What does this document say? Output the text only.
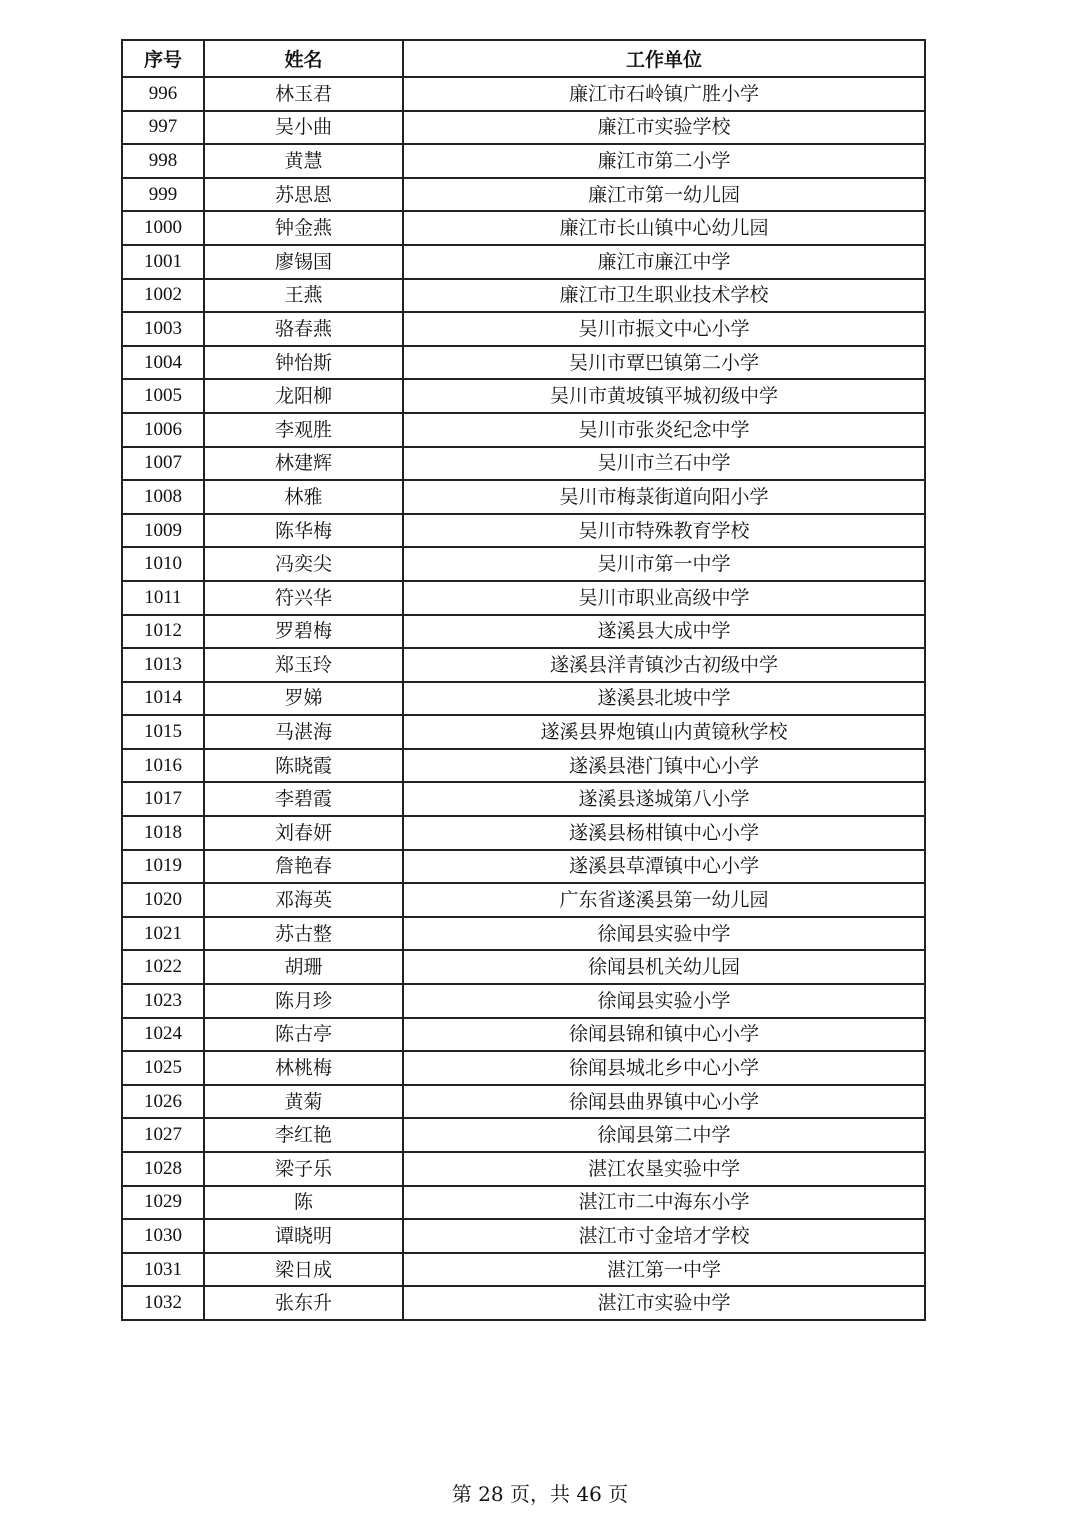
序号	姓名	工作单位
996	林玉君	廉江市石岭镇广胜小学
997	吴小曲	廉江市实验学校
998	黄慧	廉江市第二小学
999	苏思恩	廉江市第一幼儿园
1000	钟金燕	廉江市长山镇中心幼儿园
1001	廖锡国	廉江市廉江中学
1002	王燕	廉江市卫生职业技术学校
1003	骆春燕	吴川市振文中心小学
1004	钟怡斯	吴川市覃巴镇第二小学
1005	龙阳柳	吴川市黄坡镇平城初级中学
1006	李观胜	吴川市张炎纪念中学
1007	林建辉	吴川市兰石中学
1008	林雅	吴川市梅菉街道向阳小学
1009	陈华梅	吴川市特殊教育学校
1010	冯奕尖	吴川市第一中学
1011	符兴华	吴川市职业高级中学
1012	罗碧梅	遂溪县大成中学
1013	郑玉玲	遂溪县洋青镇沙古初级中学
1014	罗娣	遂溪县北坡中学
1015	马湛海	遂溪县界炮镇山内黄镜秋学校
1016	陈晓霞	遂溪县港门镇中心小学
1017	李碧霞	遂溪县遂城第八小学
1018	刘春妍	遂溪县杨柑镇中心小学
1019	詹艳春	遂溪县草潭镇中心小学
1020	邓海英	广东省遂溪县第一幼儿园
1021	苏古整	徐闻县实验中学
1022	胡珊	徐闻县机关幼儿园
1023	陈月珍	徐闻县实验小学
1024	陈古亭	徐闻县锦和镇中心小学
1025	林桃梅	徐闻县城北乡中心小学
1026	黄菊	徐闻县曲界镇中心小学
1027	李红艳	徐闻县第二中学
1028	梁子乐	湛江农垦实验中学
1029	陈	湛江市二中海东小学
1030	谭晓明	湛江市寸金培才学校
1031	梁日成	湛江第一中学
1032	张东升	湛江市实验中学
第 28 页，共 46 页
